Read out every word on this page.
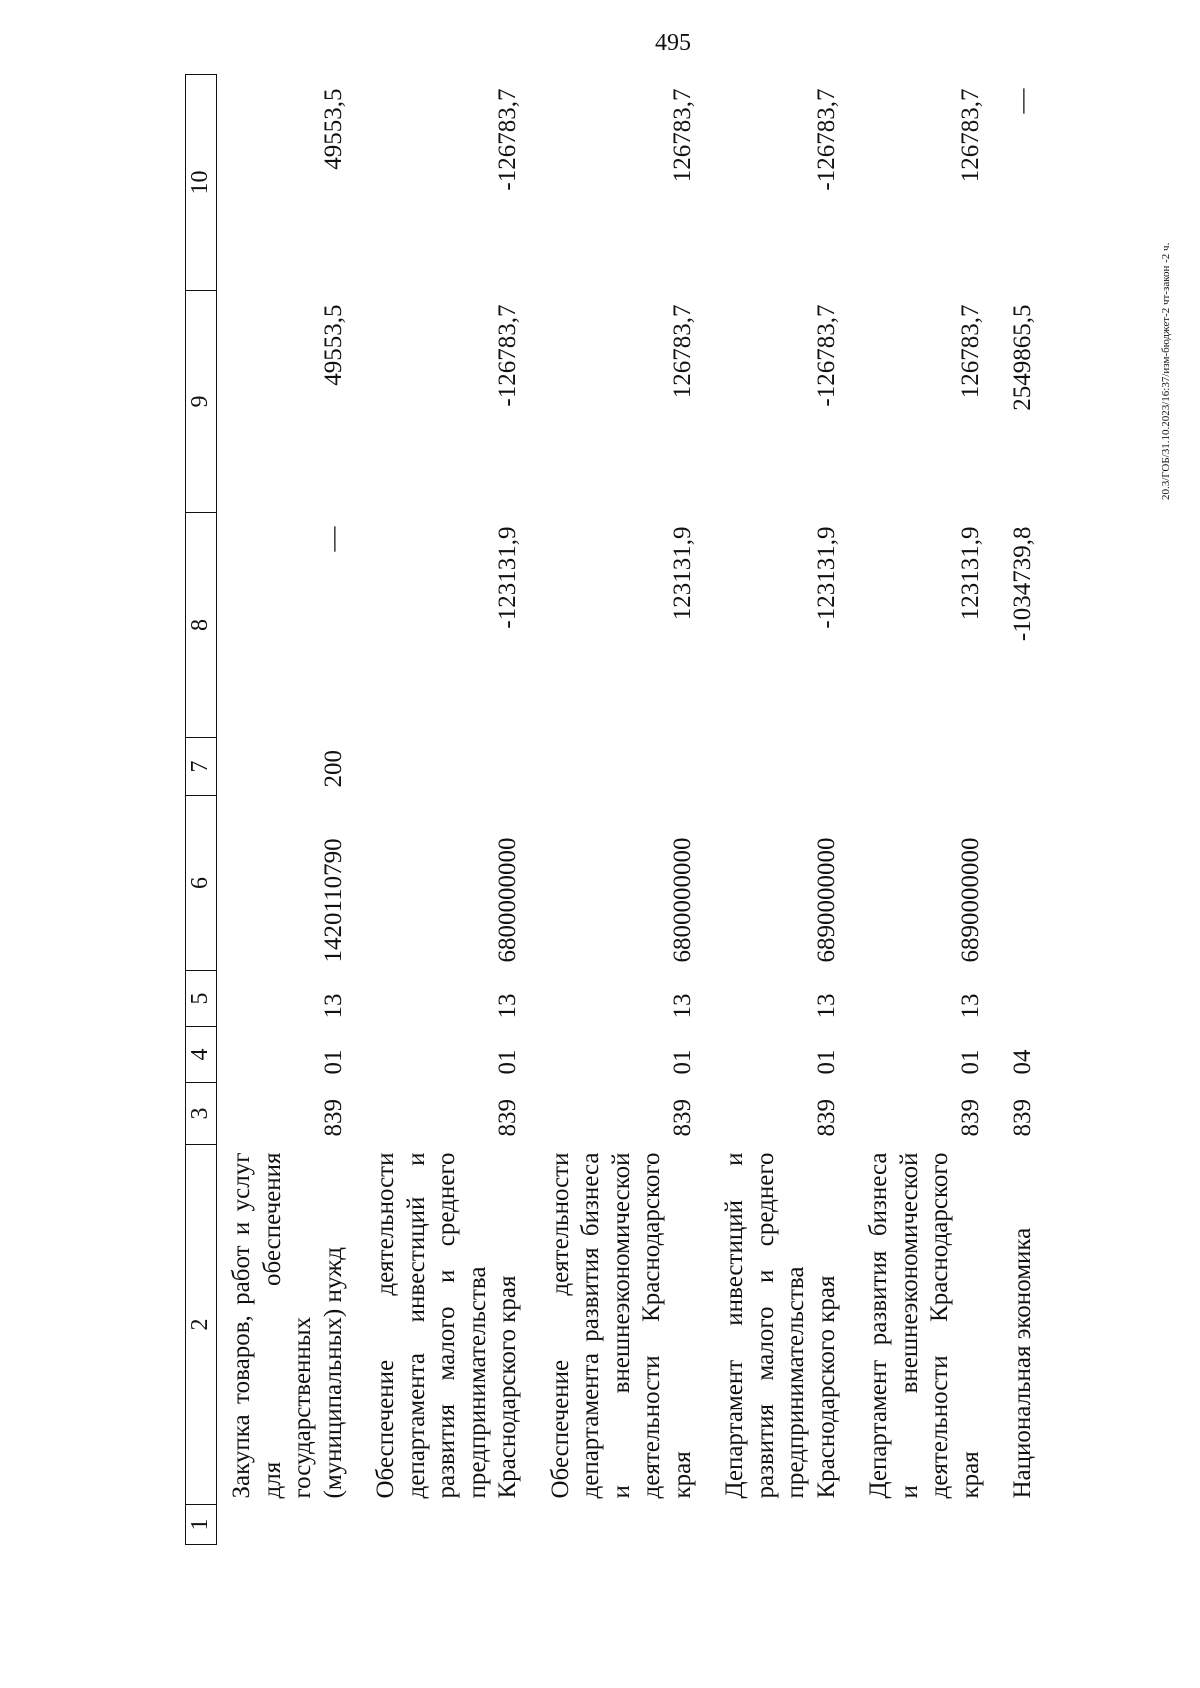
495
20.3/ГОБ/31.10.2023/16:37/изм-бюджет-2 чт-закон -2 ч.
1	2	3	4	5	6	7	8	9	10
	Закупка товаров, работ и услуг для обеспечения государственных (муниципальных) нужд	839	01	13	1420110790	200	—	49553,5	49553,5
	Обеспечение деятельности департамента инвестиций и развития малого и среднего предпринимательства Краснодарского края	839	01	13	6800000000		-123131,9	-126783,7	-126783,7
	Обеспечение деятельности департамента развития бизнеса и внешнеэкономической деятельности Краснодарского края	839	01	13	6800000000		123131,9	126783,7	126783,7
	Департамент инвестиций и развития малого и среднего предпринимательства Краснодарского края	839	01	13	6890000000		-123131,9	-126783,7	-126783,7
	Департамент развития бизнеса и внешнеэкономической деятельности Краснодарского края	839	01	13	6890000000		123131,9	126783,7	126783,7
	Национальная экономика	839	04				-1034739,8	2549865,5	—
